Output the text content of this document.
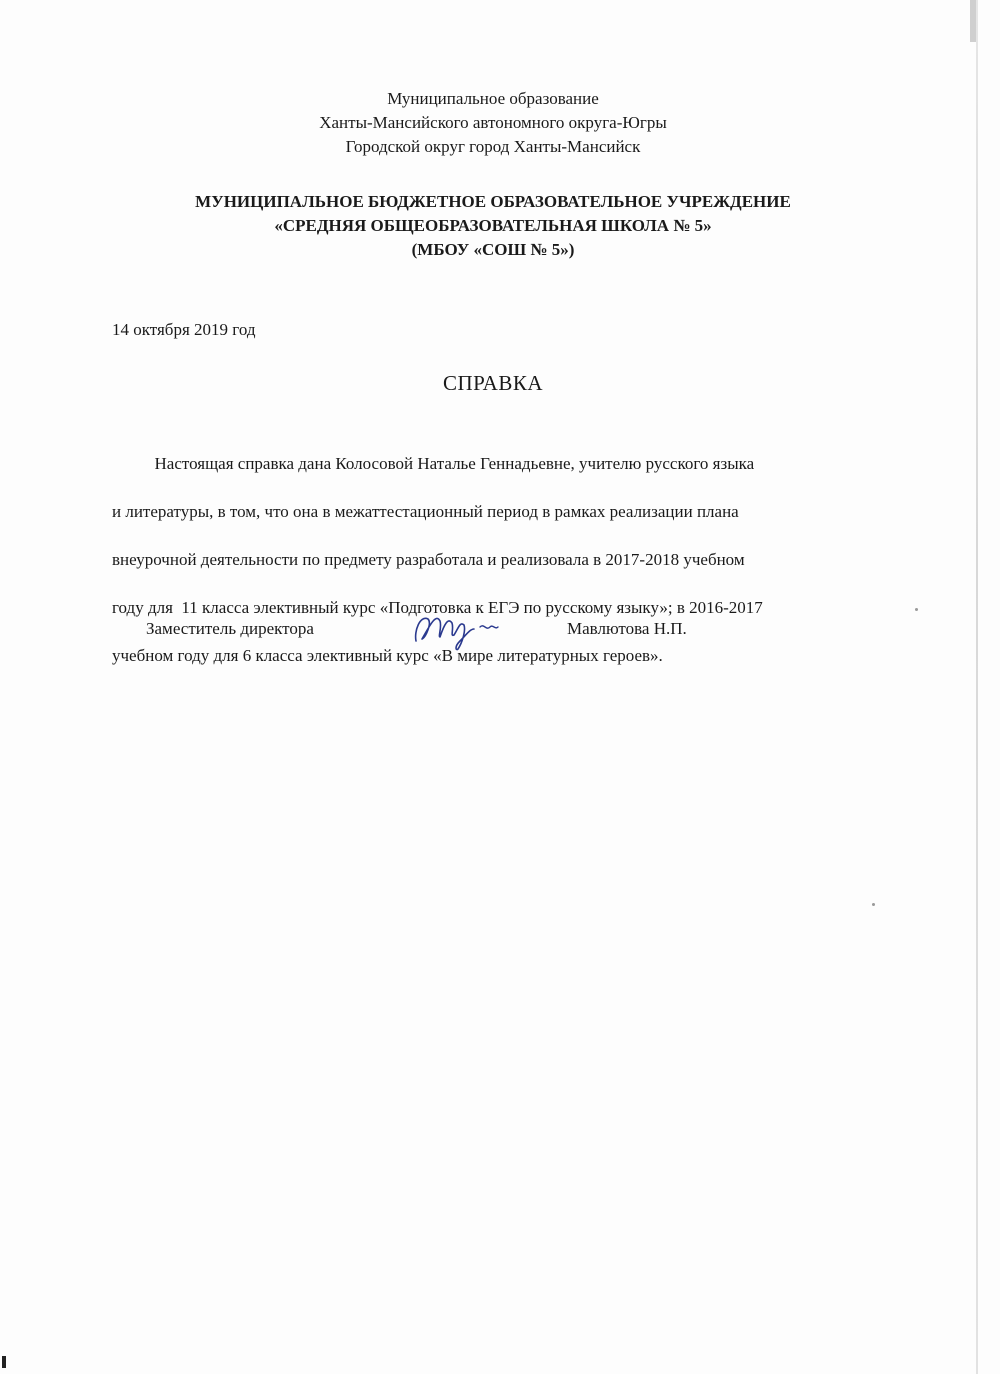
Муниципальное образование
Ханты-Мансийского автономного округа-Югры
Городской округ город Ханты-Мансийск
МУНИЦИПАЛЬНОЕ БЮДЖЕТНОЕ ОБРАЗОВАТЕЛЬНОЕ УЧРЕЖДЕНИЕ
«СРЕДНЯЯ ОБЩЕОБРАЗОВАТЕЛЬНАЯ ШКОЛА № 5»
(МБОУ «СОШ № 5»)
14 октября 2019 год
СПРАВКА

Настоящая справка дана Колосовой Наталье Геннадьевне, учителю русского языка

и литературы, в том, что она в межаттестационный период в рамках реализации плана

внеурочной деятельности по предмету разработала и реализовала в 2017-2018 учебном

году для  11 класса элективный курс «Подготовка к ЕГЭ по русскому языку»; в 2016-2017

учебном году для 6 класса элективный курс «В мире литературных героев».

Заместитель директора	Мавлютова Н.П.
